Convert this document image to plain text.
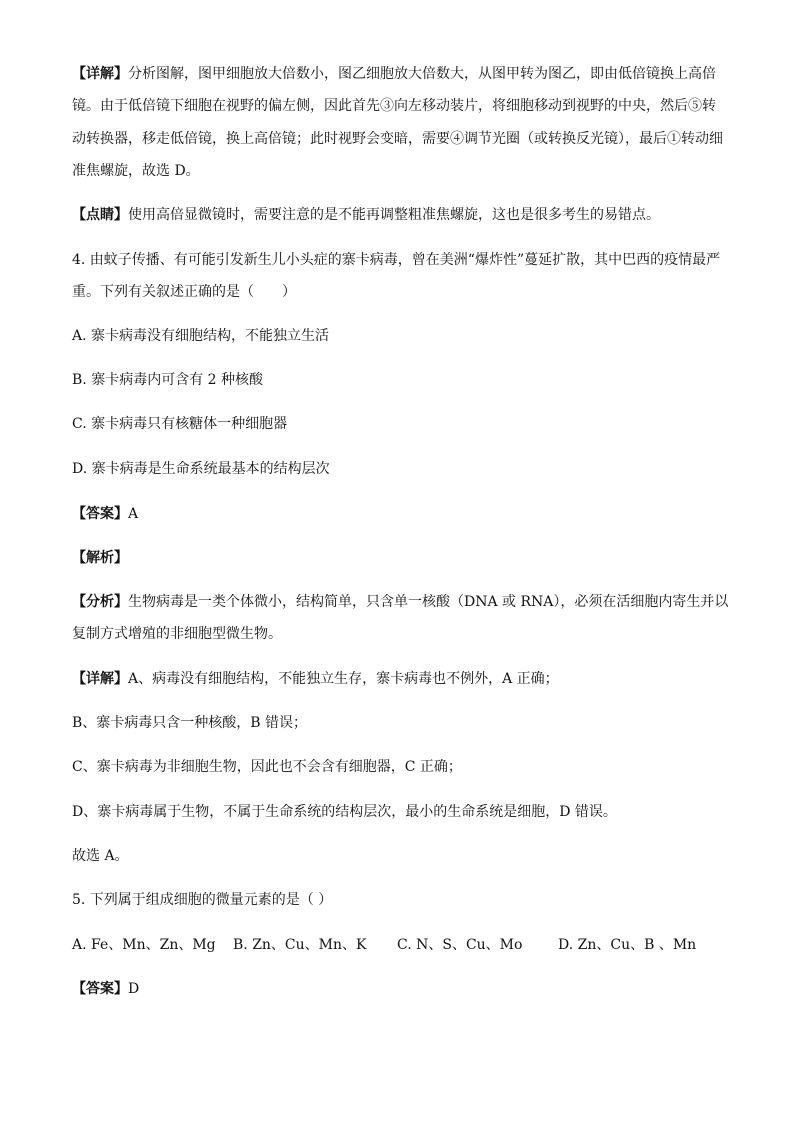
【详解】分析图解，图甲细胞放大倍数小，图乙细胞放大倍数大，从图甲转为图乙，即由低倍镜换上高倍
镜。由于低倍镜下细胞在视野的偏左侧，因此首先③向左移动装片，将细胞移动到视野的中央，然后⑤转
动转换器，移走低倍镜，换上高倍镜；此时视野会变暗，需要④调节光圈（或转换反光镜），最后①转动细
准焦螺旋，故选 D。
【点睛】使用高倍显微镜时，需要注意的是不能再调整粗准焦螺旋，这也是很多考生的易错点。
4. 由蚊子传播、有可能引发新生儿小头症的寨卡病毒，曾在美洲“爆炸性”蔓延扩散，其中巴西的疫情最严
重。下列有关叙述正确的是（　　）
A. 寨卡病毒没有细胞结构，不能独立生活
B. 寨卡病毒内可含有 2 种核酸
C. 寨卡病毒只有核糖体一种细胞器
D. 寨卡病毒是生命系统最基本的结构层次
【答案】A
【解析】
【分析】生物病毒是一类个体微小，结构简单，只含单一核酸（DNA 或 RNA），必须在活细胞内寄生并以
复制方式增殖的非细胞型微生物。
【详解】A、病毒没有细胞结构，不能独立生存，寨卡病毒也不例外，A 正确；
B、寨卡病毒只含一种核酸，B 错误；
C、寨卡病毒为非细胞生物，因此也不会含有细胞器，C 正确；
D、寨卡病毒属于生物，不属于生命系统的结构层次，最小的生命系统是细胞，D 错误。
故选 A。
5. 下列属于组成细胞的微量元素的是（ ）
A. Fe、Mn、Zn、Mg B. Zn、Cu、Mn、K C. N、S、Cu、Mo	D. Zn、Cu、B 、Mn
【答案】D
